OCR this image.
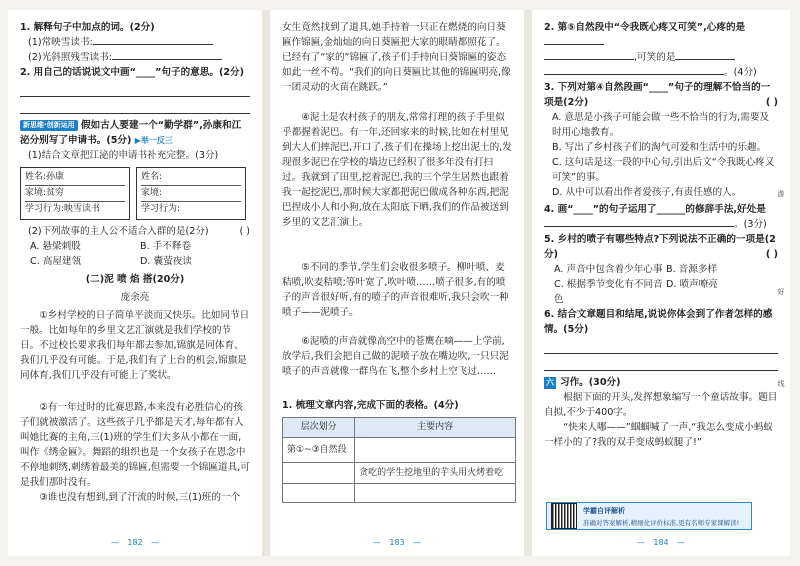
1. 解释句子中加点的词。(2分)

(1)常映雪读书:

(2)光斜照残雪读书:

2. 用自己的话说说文中画“____”句子的意思。(2分)

新思维·创新运用 假如古人要建一个“勤学群”,孙康和江泌分别写了申请书。(5分) ▶举一反三

(1)结合文章把江泌的申请书补充完整。(3分)

姓名:孙康
家境:贫穷
学习行为:映雪读书
姓名:
家境:
学习行为:

(2)下列故事的主人公不适合入群的是(2分)	( )

A. 悬梁刺股	B. 手不释卷
C. 高屋建瓴	D. 囊萤夜读
(二)泥 喷 焰 搭(20分)
庞余亮

①乡村学校的日子简单平淡而又快乐。比如同节日一般。比如每年的乡里文艺汇演就是我们学校的节日。不过校长要求我们每年都去参加,锦旗是同体育、我们几乎没有可能。于是,我们有了上台的机会,锦旗是同体育,我们几乎没有可能上了奖状。

②有一年过时的比赛思路,本来没有必胜信心的孩子们就被激活了。这些孩子几乎都是天才,每年都有人叫她比赛的主角,三(1)班的学生们大多从小都在一面,叫作《绣金匾》。舞蹈的组织也是一个女孩子在恩念中不停地刺绣,刺绣着最美的锦匾,但需要一个锦匾道具,可是我们那时没有。

③谁也没有想到,到了汗流的时候,三(1)班的一个

— 182 —

女生竟然找到了道具,她手持着一只正在燃烧的向日葵匾作锦匾,金灿灿的向日葵匾把大家的眼睛都照花了。已经有了“家的”锦匾了,孩子们手持向日葵锦匾的姿态如此一丝不苟。“我们的向日葵匾比其他的锦匾明亮,像一团灵动的火苗在跳跃。”

④泥土是农村孩子的朋友,常常打理的孩子手里似乎都握着泥巴。有一年,还回家来的时候,比如在村里见到大人们摔泥巴,开口了,孩子们在操场上挖出泥土的,发现很多泥巴在学校的墙边已经积了很多年没有打扫过。我就到了田里,挖着泥巴,我的三个学生居然也跟着我一起挖泥巴,那时候大家都把泥巴做成各种东西,把泥巴捏成小人和小狗,放在太阳底下晒,我们的作品被送到乡里的文艺汇演上。

⑤不同的季节,学生们会收很多喷子。柳叶喷、麦秸喷,吹麦秸喷;等叶宽了,吹叶喷……喷子很多,有的喷子的声音很好听,有的喷子的声音很难听,我只会吹一种喷子——泥喷子。

⑥泥喷的声音就像高空中的苍鹰在嘀——上学前,放学后,我们会把自己做的泥喷子放在嘴边吹,一只只泥喷子的声音就像一群鸟在飞,整个乡村上空飞过……

1. 梳理文章内容,完成下面的表格。(4分)

层次划分	主要内容
第①~③自然段	
	贪吃的学生挖地里的芋头用火烤着吃

— 183 —

2. 第⑤自然段中“令我既心疼又可笑”,心疼的是

,可笑的是

。(4分)

3. 下列对第④自然段画“____”句子的理解不恰当的一项是(2分)	( )

A. 意思是小孩子可能会做一些不恰当的行为,需要及时用心地教育。

B. 写出了乡村孩子们的淘气可爱和生活中的乐趣。

C. 这句话是这一段的中心句,引出后文“令我既心疼又可笑”的事。

D. 从中可以看出作者爱孩子,有责任感的人。

4. 画“____”的句子运用了______的修辞手法,好处是

。(3分)

5. 乡村的喷子有哪些特点?下列说法不正确的一项是(2分)	( )

A. 声音中包含着少年心事 B. 音源多样
C. 根据季节变化有不同音色
D. 喷声嘹亮

6. 结合文章题目和结尾,说说你体会到了作者怎样的感情。(5分)

六 习作。(30分)

根据下面的开头,发挥想象编写一个童话故事。题目自拟,不少于400字。

“快来人哪——”蝈蝈喊了一声,“我怎么变成小蚂蚁一样小的了?我的双手变成蚂蚁腿了!”

学霸自评解析
准确对答案解析,精细化评价标准,更有名师专家课解读!
游
好
线
— 184 —
